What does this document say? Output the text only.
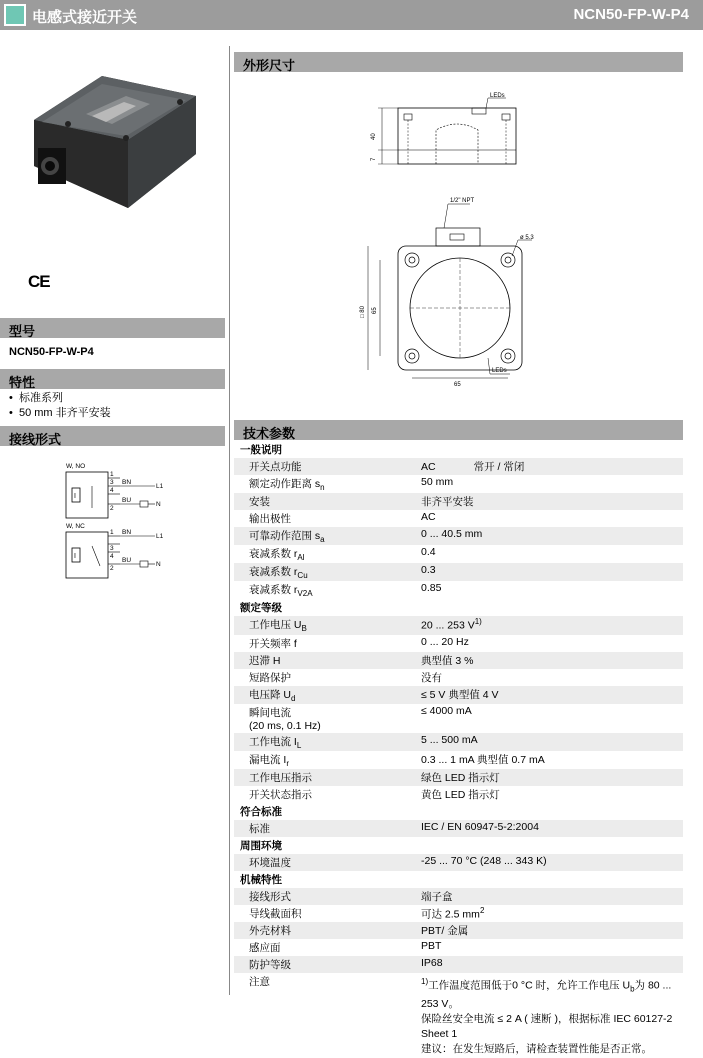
电感式接近开关	NCN50-FP-W-P4
CE
型号
NCN50-FP-W-P4
特性
•  标准系列
•  50 mm 非齐平安装
接线形式
W, NO
I
1
3
4
2
BN
BU
L1
N
W, NC
I
1
3
4
2
BN
BU
L1
N
外形尺寸
LEDs
40
7
1/2" NPT
ø 5.3
65
□ 80
65
LEDs
技术参数
一般说明	
开关点功能	AC 常开 / 常闭
额定动作距离 $s_n$	50 mm
安装	非齐平安装
输出极性	AC
可靠动作范围 $s_a$	0 ... 40.5 mm
衰减系数 $r_{Al}$	0.4
衰减系数 $r_{Cu}$	0.3
衰减系数 $r_{V2A}$	0.85
额定等级	
工作电压 $U_B$	20 ... 253 $V^{1)}$
开关频率 f	0 ... 20 Hz
迟滞 H	典型值 3 %
短路保护	没有
电压降 $U_d$	≤ 5 V 典型值 4 V
瞬间电流
(20 ms, 0.1 Hz)	≤ 4000 mA
工作电流 $I_L$	5 ... 500 mA
漏电流 $I_r$	0.3 ... 1 mA 典型值 0.7 mA
工作电压指示	绿色 LED 指示灯
开关状态指示	黄色 LED 指示灯
符合标准	
标准	IEC / EN 60947-5-2:2004
周围环境	
环境温度	-25 ... 70 °C (248 ... 343 K)
机械特性	
接线形式	端子盒
导线截面积	可达 2.5 $mm^2$
外壳材料	PBT/ 金属
感应面	PBT
防护等级	IP68
注意	$^{1)}$工作温度范围低于0 °C 时，允许工作电压 $U_b$为 80 ...
253 V。
保险丝安全电流 ≤ 2 A ( 速断 )，根据标准 IEC 60127-2
Sheet 1
建议：在发生短路后，请检查装置性能是否正常。
